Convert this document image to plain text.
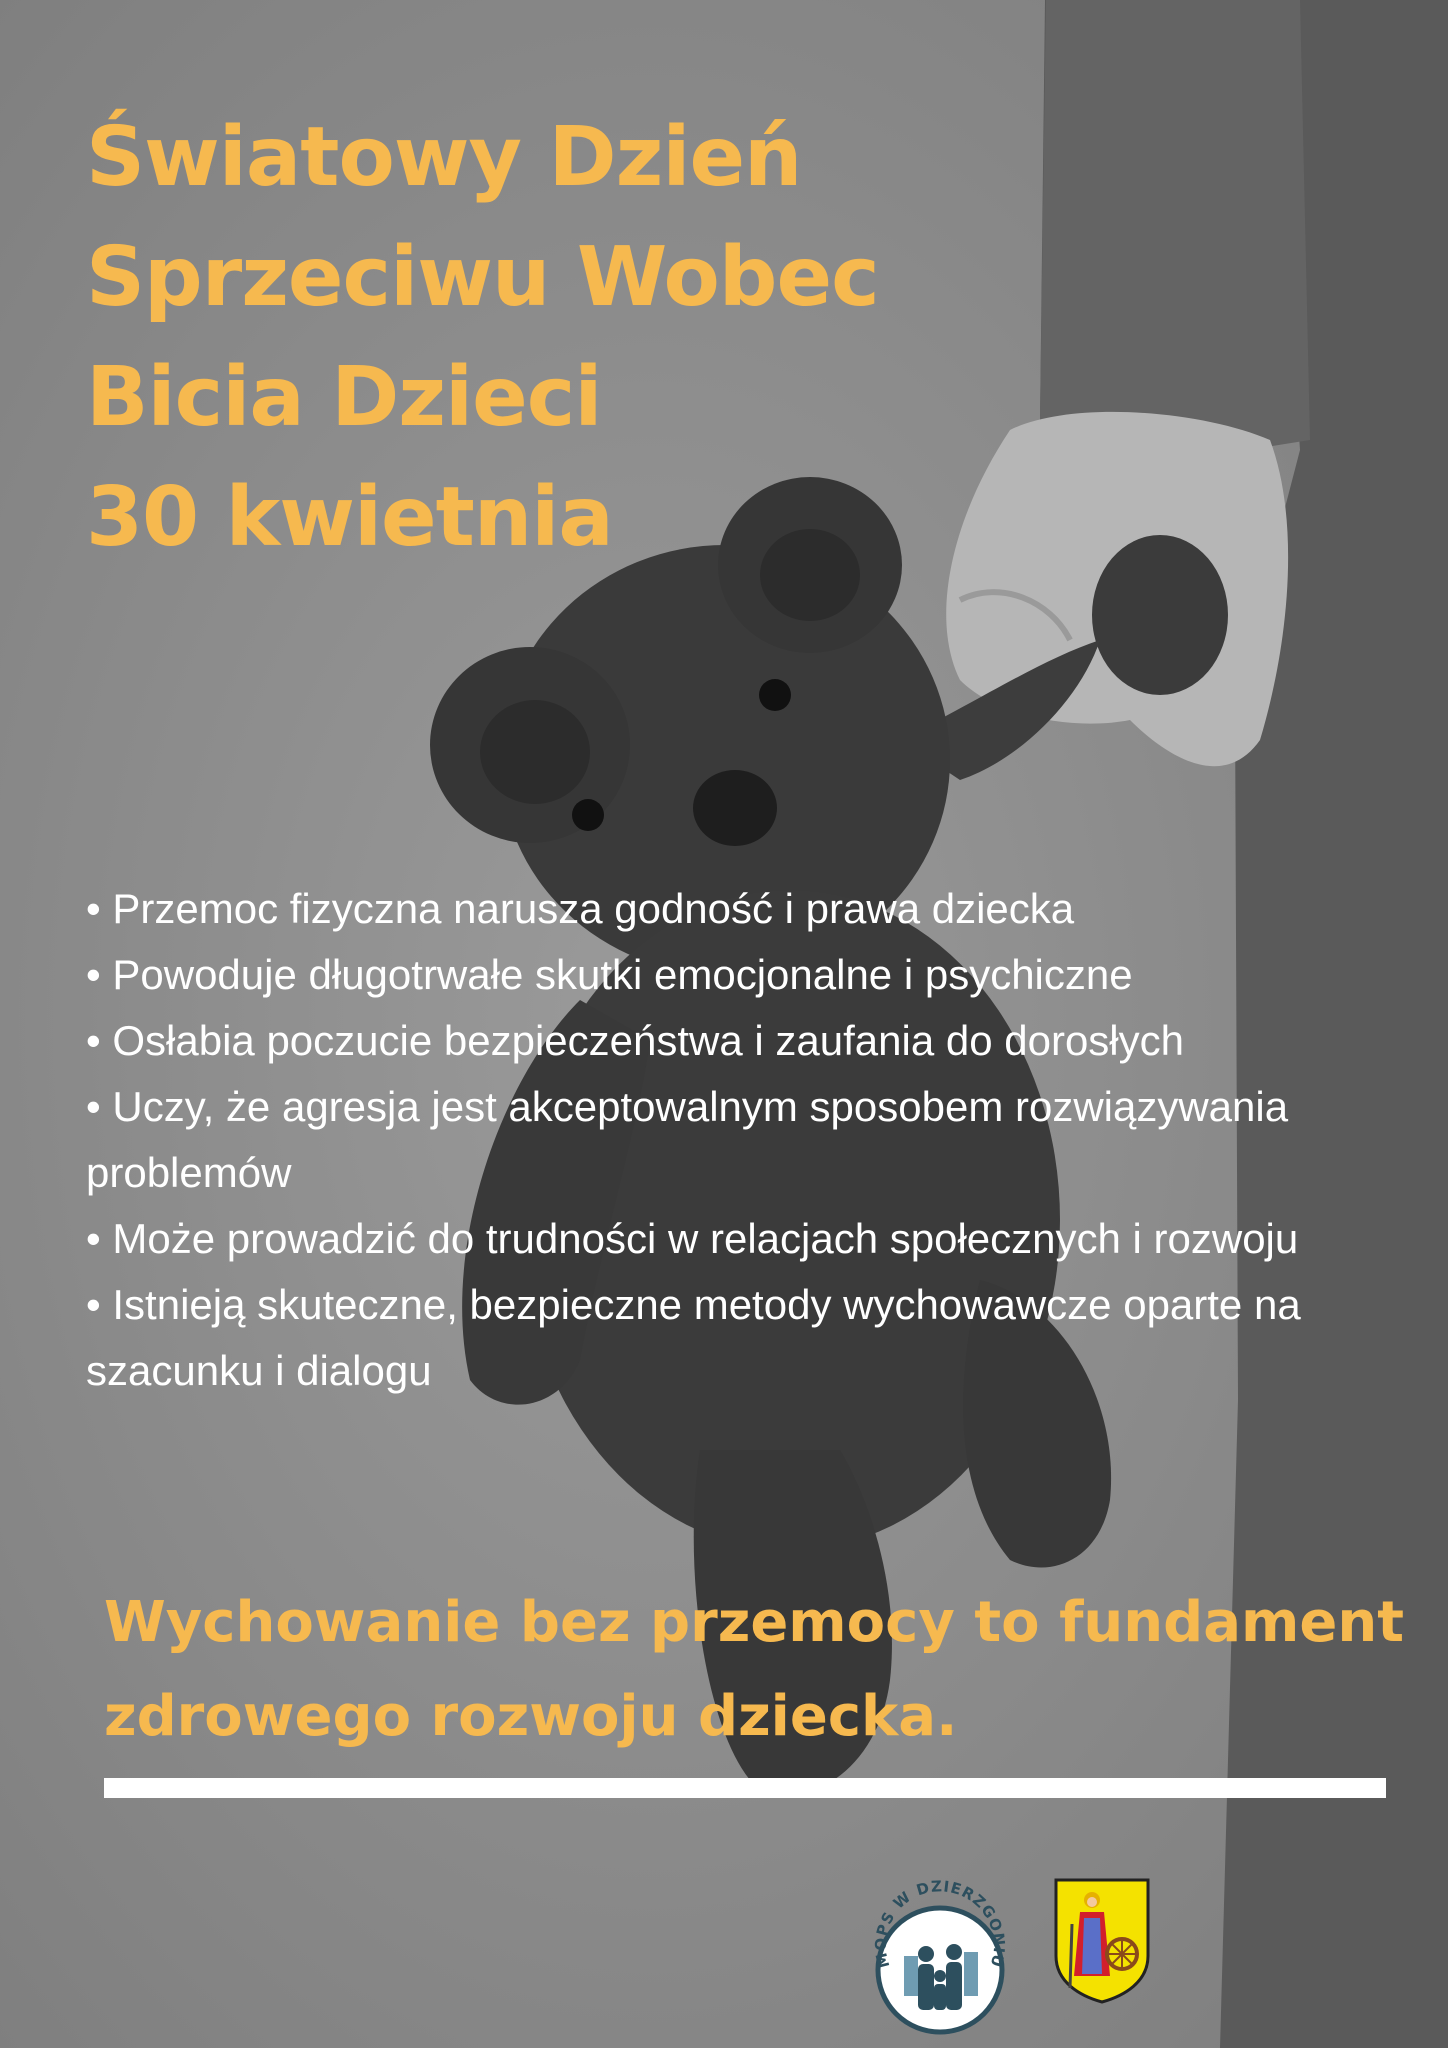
Światowy Dzień
Sprzeciwu Wobec
Bicia Dzieci
30 kwietnia
• Przemoc fizyczna narusza godność i prawa dziecka
• Powoduje długotrwałe skutki emocjonalne i psychiczne
• Osłabia poczucie bezpieczeństwa i zaufania do dorosłych
• Uczy, że agresja jest akceptowalnym sposobem rozwiązywania problemów
• Może prowadzić do trudności w relacjach społecznych i rozwoju
• Istnieją skuteczne, bezpieczne metody wychowawcze oparte na szacunku i dialogu

Wychowanie bez przemocy to fundament zdrowego rozwoju dziecka.

MOPS W DZIERZGONIU
